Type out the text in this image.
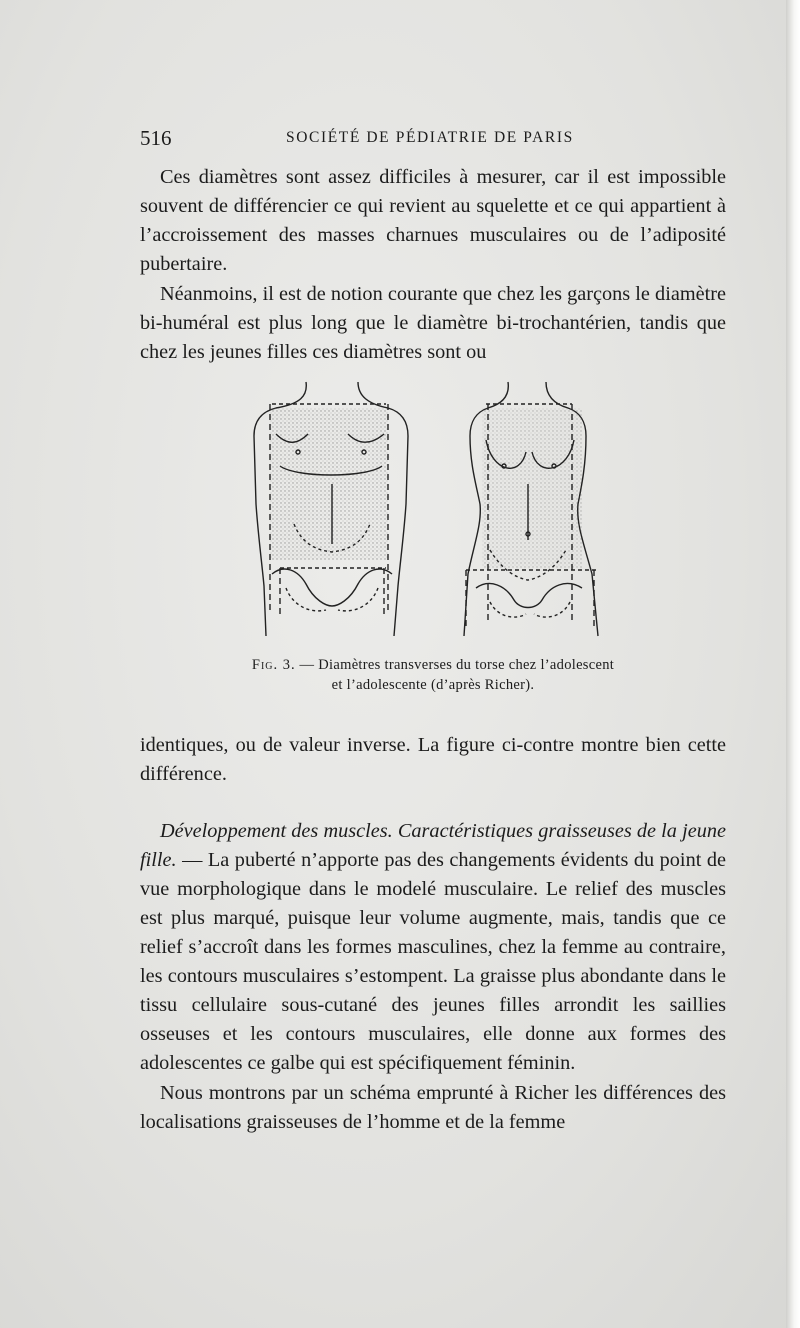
516	SOCIÉTÉ DE PÉDIATRIE DE PARIS

Ces diamètres sont assez difficiles à mesurer, car il est impossible souvent de différencier ce qui revient au squelette et ce qui appartient à l’accroissement des masses charnues musculaires ou de l’adiposité pubertaire.

Néanmoins, il est de notion courante que chez les garçons le diamètre bi-huméral est plus long que le diamètre bi-trochantérien, tandis que chez les jeunes filles ces diamètres sont ou

Fig. 3. — Diamètres transverses du torse chez l’adolescent
et l’adolescente (d’après Richer).

identiques, ou de valeur inverse. La figure ci-contre montre bien cette différence.

Développement des muscles. Caractéristiques graisseuses de la jeune fille. — La puberté n’apporte pas des changements évidents du point de vue morphologique dans le modelé musculaire. Le relief des muscles est plus marqué, puisque leur volume augmente, mais, tandis que ce relief s’accroît dans les formes masculines, chez la femme au contraire, les contours musculaires s’estompent. La graisse plus abondante dans le tissu cellulaire sous-cutané des jeunes filles arrondit les saillies osseuses et les contours musculaires, elle donne aux formes des adolescentes ce galbe qui est spécifiquement féminin.

Nous montrons par un schéma emprunté à Richer les différences des localisations graisseuses de l’homme et de la femme
